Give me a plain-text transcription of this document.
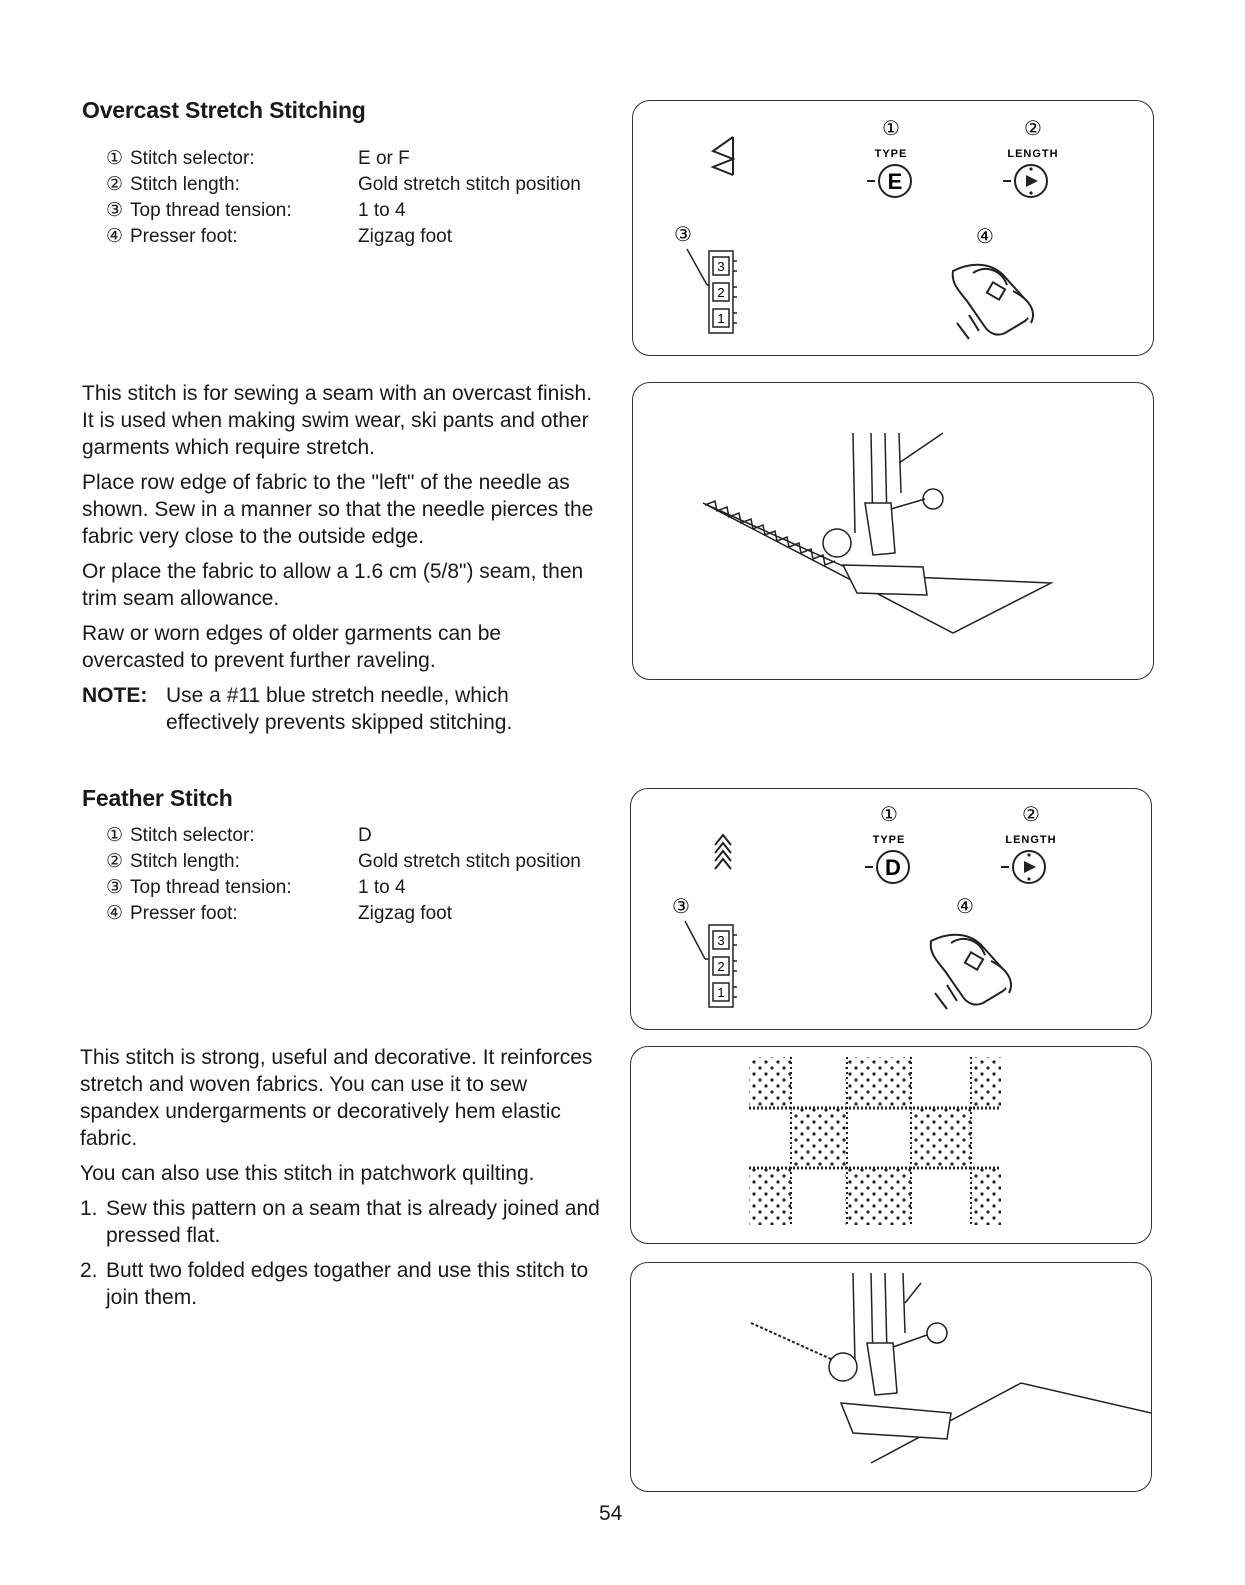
Overcast Stretch Stitching
① Stitch selector:	E or F
② Stitch length:	Gold stretch stitch position
③ Top thread tension:	1 to 4
④ Presser foot:	Zigzag foot

This stitch is for sewing a seam with an overcast finish. It is used when making swim wear, ski pants and other garments which require stretch.

Place row edge of fabric to the "left" of the needle as shown. Sew in a manner so that the needle pierces the fabric very close to the outside edge.

Or place the fabric to allow a 1.6 cm (5/8") seam, then trim seam allowance.

Raw or worn edges of older garments can be overcasted to prevent further raveling.

NOTE: Use a #11 blue stretch needle, which effectively prevents skipped stitching.
①	②
TYPE	LENGTH
E
③	④
3
2
1
Feather Stitch
① Stitch selector:	D
② Stitch length:	Gold stretch stitch position
③ Top thread tension:	1 to 4
④ Presser foot:	Zigzag foot

This stitch is strong, useful and decorative. It reinforces stretch and woven fabrics. You can use it to sew spandex undergarments or decoratively hem elastic fabric.

You can also use this stitch in patchwork quilting.

1. Sew this pattern on a seam that is already joined and pressed flat.
2. Butt two folded edges togather and use this stitch to join them.
①	②
TYPE	LENGTH
D
③	④
3
2
1
54
